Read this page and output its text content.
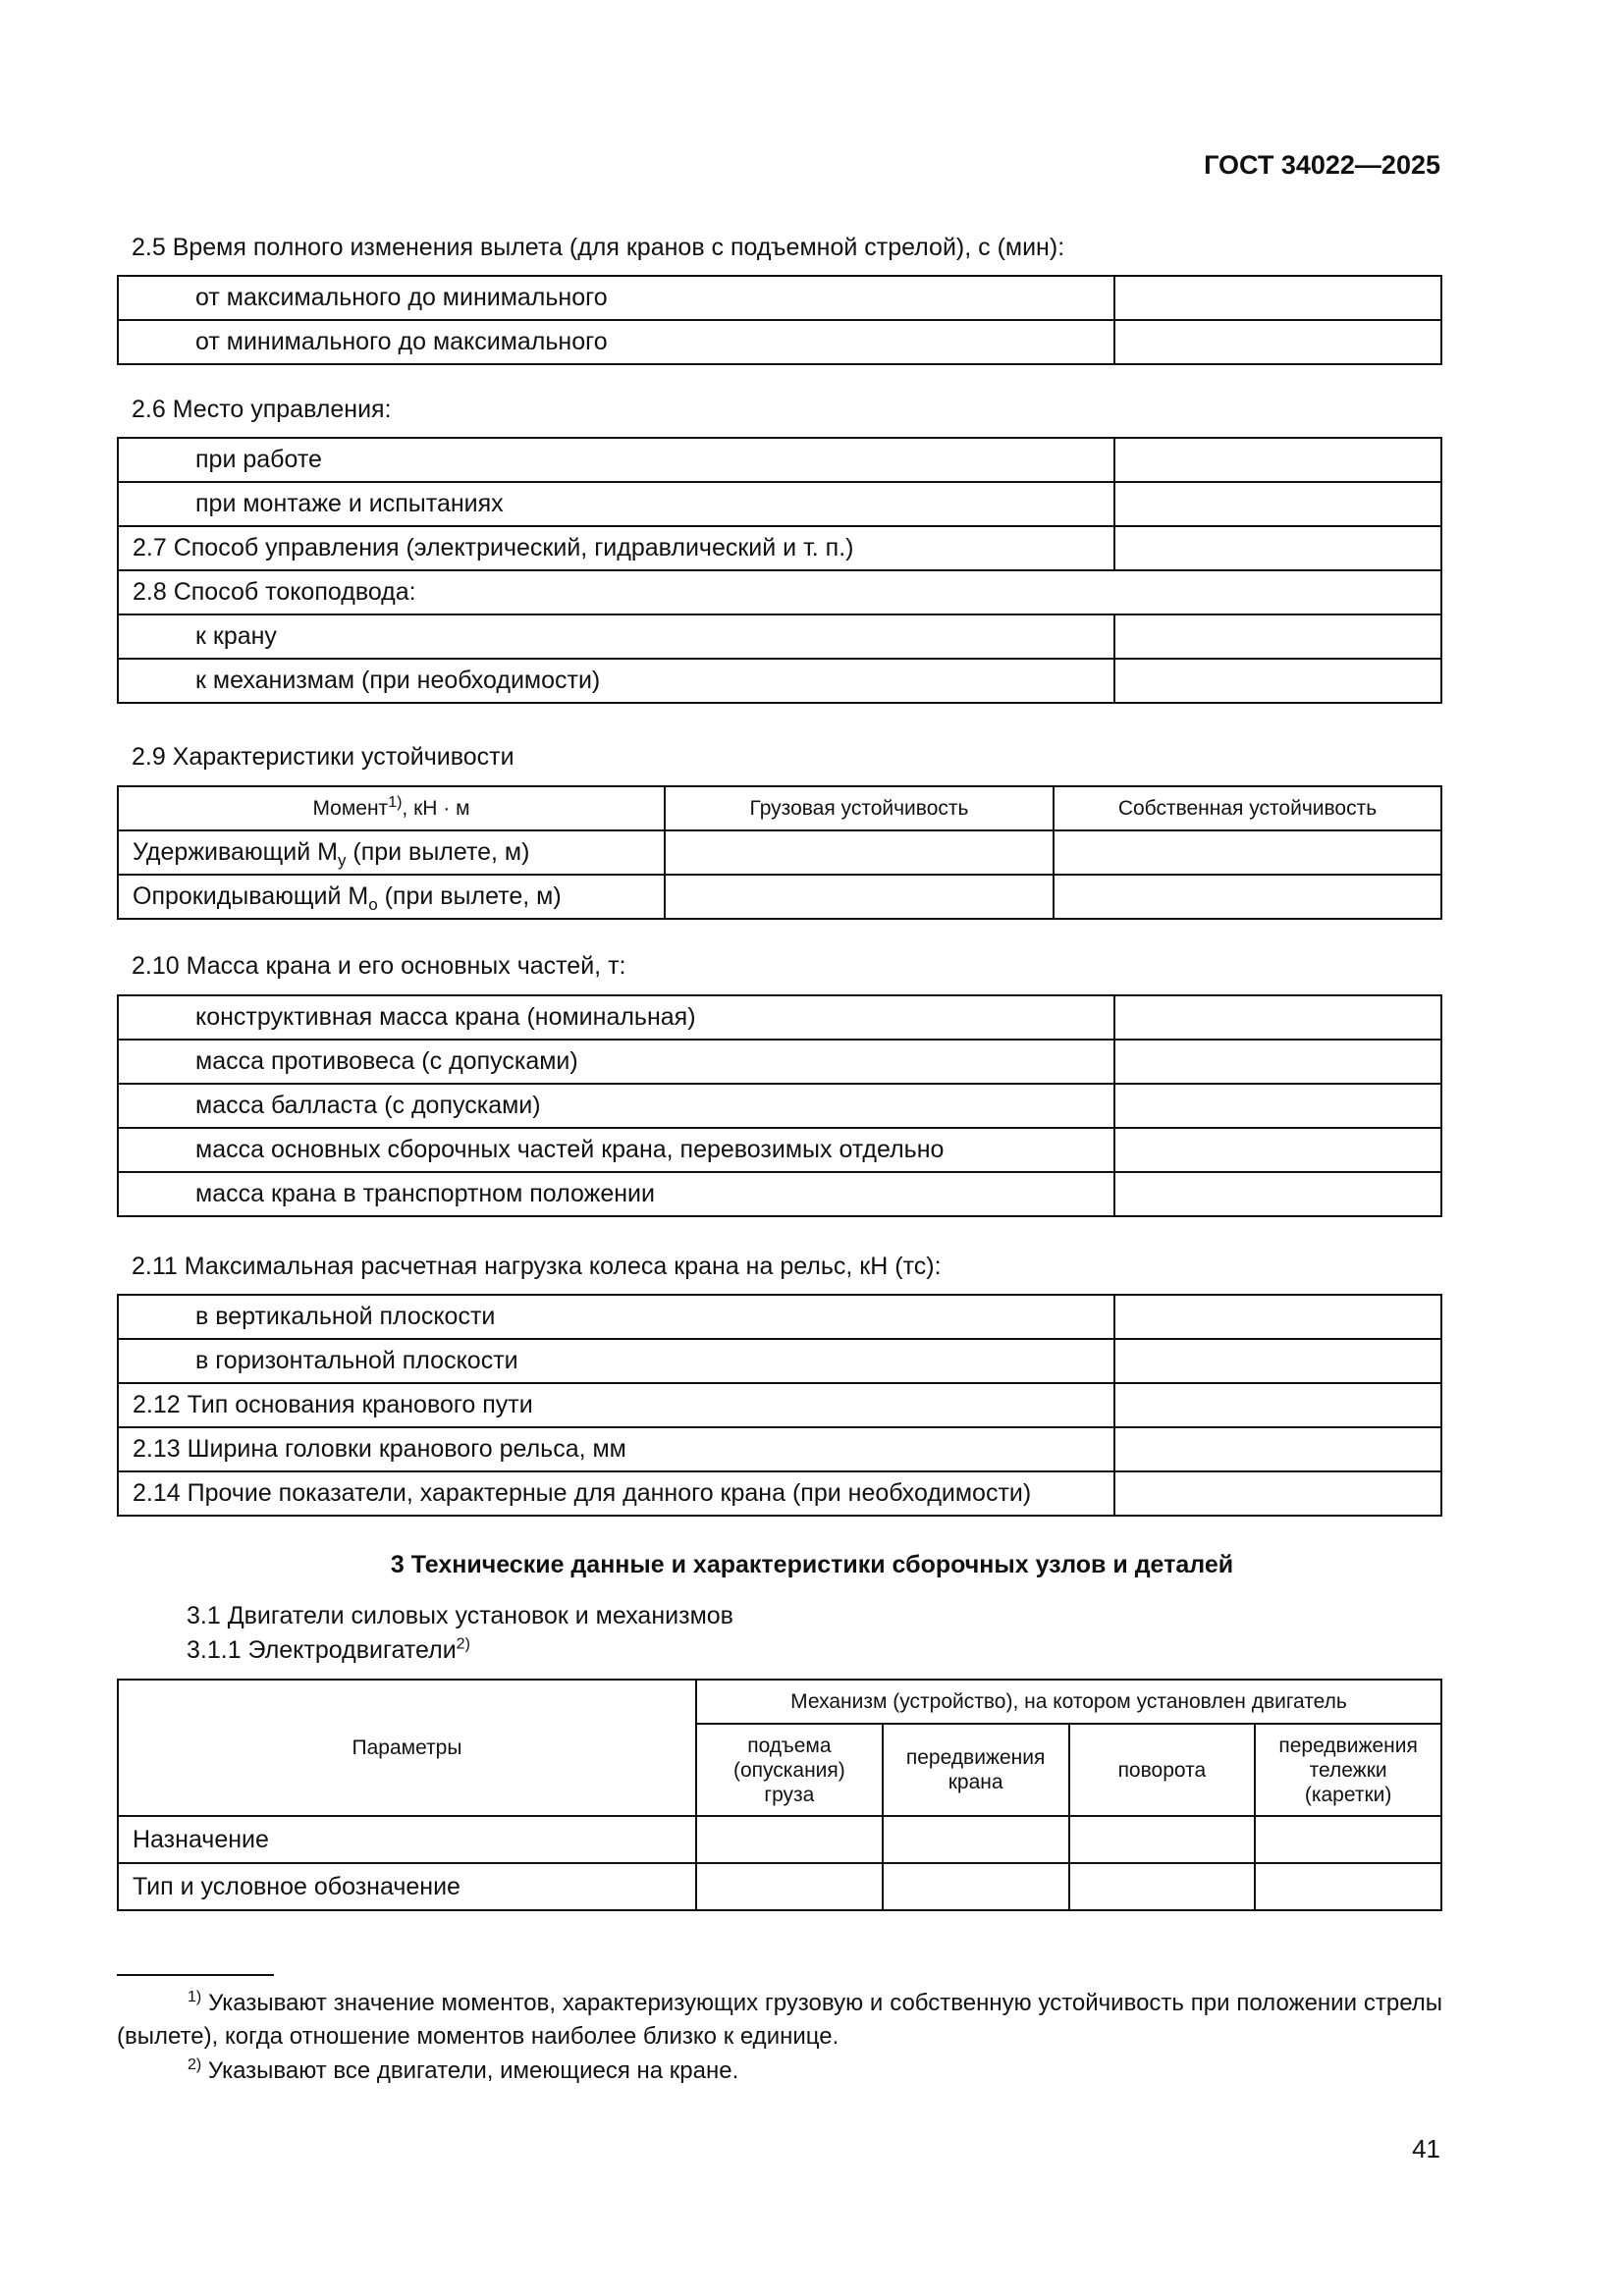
ГОСТ 34022—2025
2.5 Время полного изменения вылета (для кранов с подъемной стрелой), с (мин):
от максимального до минимального	
от минимального до максимального	
2.6 Место управления:
при работе	
при монтаже и испытаниях	
2.7 Способ управления (электрический, гидравлический и т. п.)	
2.8 Способ токоподвода:	
к крану	
к механизмам (при необходимости)	
2.9 Характеристики устойчивости
Момент$^{1)}$, кН · м	Грузовая устойчивость	Собственная устойчивость
Удерживающий $M_у$ (при вылете, м)		
Опрокидывающий $M_о$ (при вылете, м)		
2.10 Масса крана и его основных частей, т:
конструктивная масса крана (номинальная)	
масса противовеса (с допусками)	
масса балласта (с допусками)	
масса основных сборочных частей крана, перевозимых отдельно	
масса крана в транспортном положении	
2.11 Максимальная расчетная нагрузка колеса крана на рельс, кН (тс):
в вертикальной плоскости	
в горизонтальной плоскости	
2.12 Тип основания кранового пути	
2.13 Ширина головки кранового рельса, мм	
2.14 Прочие показатели, характерные для данного крана (при необходимости)	
3 Технические данные и характеристики сборочных узлов и деталей
3.1 Двигатели силовых установок и механизмов
3.1.1 Электродвигатели$^{2)}$
Параметры	Механизм (устройство), на котором установлен двигатель			
	подъема (опускания) груза	передвижения крана	поворота	передвижения тележки (каретки)
Назначение				
Тип и условное обозначение				
$^{1)}$ Указывают значение моментов, характеризующих грузовую и собственную устойчивость при положении стрелы (вылете), когда отношение моментов наиболее близко к единице.
$^{2)}$ Указывают все двигатели, имеющиеся на кране.
41
